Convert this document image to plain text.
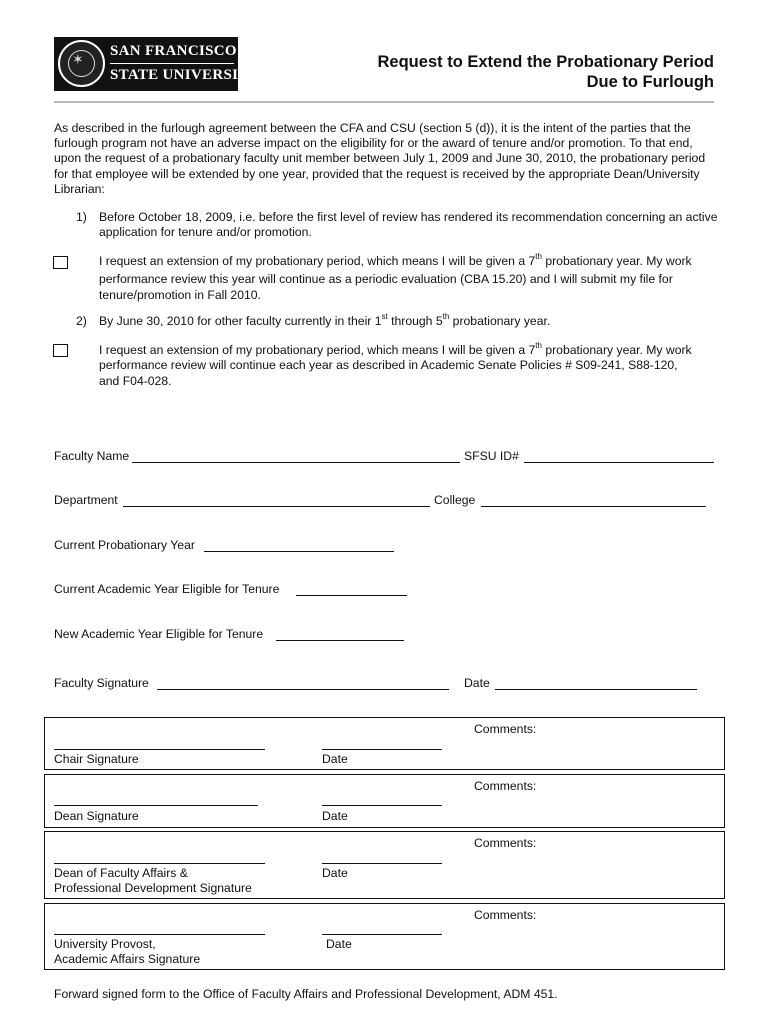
✶ SAN FRANCISCO
STATE UNIVERSITY
Request to Extend the Probationary Period
Due to Furlough
As described in the furlough agreement between the CFA and CSU (section 5 (d)), it is the intent of the parties that the furlough program not have an adverse impact on the eligibility for or the award of tenure and/or promotion. To that end, upon the request of a probationary faculty unit member between July 1, 2009 and June 30, 2010, the probationary period for that employee will be extended by one year, provided that the request is received by the appropriate Dean/University Librarian:
1) Before October 18, 2009, i.e. before the first level of review has rendered its recommendation concerning an active application for tenure and/or promotion.
I request an extension of my probationary period, which means I will be given a 7th probationary year. My work
performance review this year will continue as a periodic evaluation (CBA 15.20) and I will submit my file for
tenure/promotion in Fall 2010.
2) By June 30, 2010 for other faculty currently in their 1st through 5th probationary year.
I request an extension of my probationary period, which means I will be given a 7th probationary year. My work
performance review will continue each year as described in Academic Senate Policies # S09-241, S88-120,
and F04-028.
Faculty Name	SFSU ID#
Department	College
Current Probationary Year
Current Academic Year Eligible for Tenure
New Academic Year Eligible for Tenure
Faculty Signature	Date
Comments:
Chair Signature	Date
Comments:
Dean Signature	Date
Comments:
Dean of Faculty Affairs &
Professional Development Signature
Date
Comments:
University Provost,
Academic Affairs Signature
Date
Forward signed form to the Office of Faculty Affairs and Professional Development, ADM 451.
